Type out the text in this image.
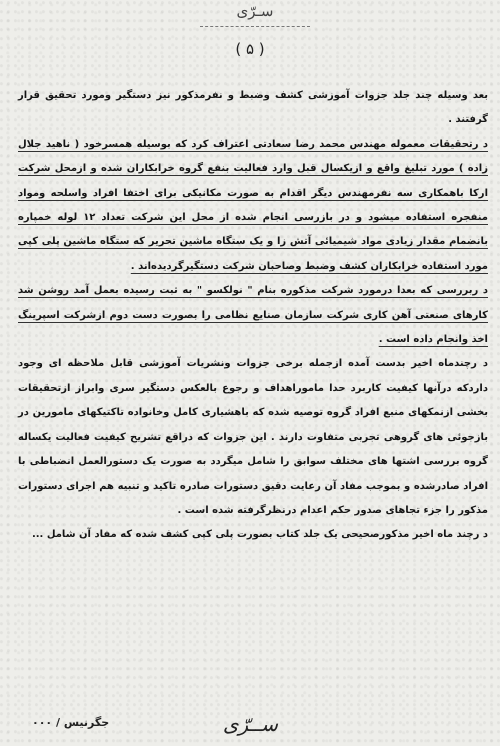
سـرّی
( ۵ )

بعد وسیله چند جلد جزوات آموزشی کشف وضبط و نفرمذکور نیز دستگیر ومورد تحقیق قرار گرفتند .

د رتحقیقات معموله مهندس محمد رضا سعادتی اعتراف کرد که بوسیله همسرخود ( ناهید جلال زاده ) مورد تبلیغ واقع و ازیکسال قبل وارد فعالیت بنفع گروه خرابکاران شده و ازمحل شرکت ارکا باهمکاری سه نفرمهندس دیگر اقدام به صورت مکانیکی برای اختفا افراد واسلحه ومواد منفجره استفاده میشود و در بازرسی انجام شده از محل این شرکت تعداد ۱۲ لوله خمپاره بانضمام مقدار زیادی مواد شیمیائی آتش زا و یک ستگاه ماشین تحریر که ستگاه ماشین پلی کپی مورد استفاده خرابکاران کشف وضبط وصاحبان شرکت دستگیرگردیده‌اند .

د ربررسی که بعدا درمورد شرکت مذکوره بنام " نولکسو " به ثبت رسیده بعمل آمد روشن شد کارهای صنعتی آهن کاری شرکت سازمان صنایع نظامی را بصورت دست دوم ازشرکت اسپرینگ اخذ وانجام داده است .

د رچندماه اخیر بدست آمده ازجمله برخی جزوات ونشریات آموزشی قابل ملاحظه ای وجود داردکه درآنها کیفیت کاربرد حدا ماموراهداف و رجوع بالعکس دستگیر سری وابراز ازتحقیقات بخشی ازنمکهای منبع افراد گروه توصیه شده که باهشیاری کامل وخانواده تاکتیکهای مامورین در بازجوئی های گروهی تجربی متفاوت دارند . این جزوات که دراقع تشریح کیفیت فعالیت یکساله گروه بررسی اشتها های مختلف سوابق را شامل میگردد به صورت یک دستورالعمل انضباطی با افراد صادرشده و بموجب مفاد آن رعایت دقیق دستورات صادره تاکید و تنبیه هم اجرای دستورات مذکور را جزء تجاهای صدور حکم اعدام درنظرگرفته شده است .

د رچند ماه اخیر مذکورصحیحی یک جلد کتاب بصورت پلی کپی کشف شده که مفاد آن شامل ...

ســرّی
جگرنیس / ۰۰۰
